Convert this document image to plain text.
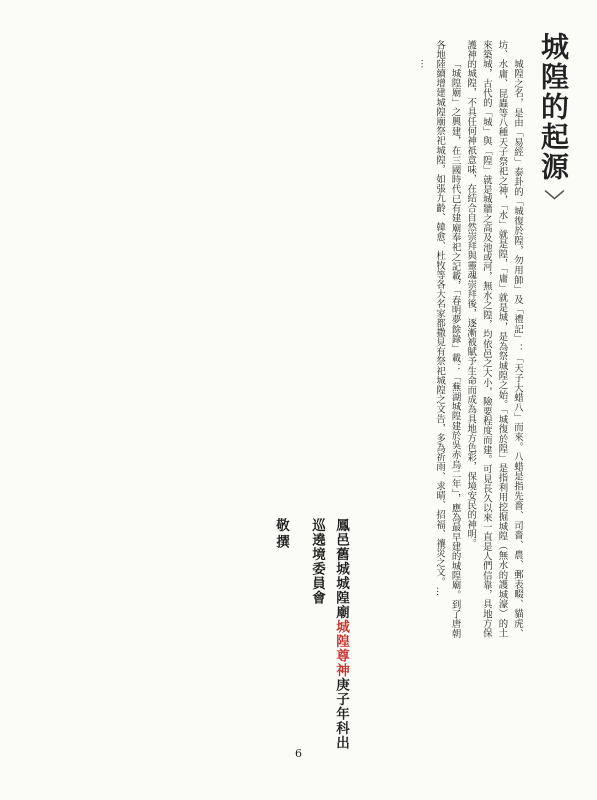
城隍的起源〉

城隍之名，是由「易經」泰卦的「城復於隍，勿用師」及「禮記」：「天子大蜡八」而來。八蜡是指先嗇、司嗇、農、郵表畷、貓虎、坊、水庸、昆蟲等八種天子祭祀之神，「水」就是隍，「庸」就是城，是為祭城隍之始。「城復於隍」是指利用挖掘城隍（無水的護城濠）的土來築城，古代的「城」與「隍」就是城牆之高及池或河，無水之隍，均依邑之大小，險要程度而建。可見長久以來一直是人們信靠，具地方保護神的城隍，不具任何神祇意味，在結合自然崇拜與靈魂崇拜後，逐漸被賦予生命而成為具地方色彩，保境安民的神明。

「城隍廟」之興建，在三國時代已有建廟奉祀之記載，「春明夢餘錄」載：「蕪湖城隍建於吳赤烏二年」，應為最早建的城隍廟。到了唐朝各地陸續增建城隍廟祭祀城隍，如張九齡、韓愈、杜牧等各大名家都撒見有祭祀城隍之文告，多為祈雨、求晴、招福、禳災之文。…

…

鳳邑舊城城隍廟城隍尊神庚子年科出巡遶境委員會
敬撰
6
